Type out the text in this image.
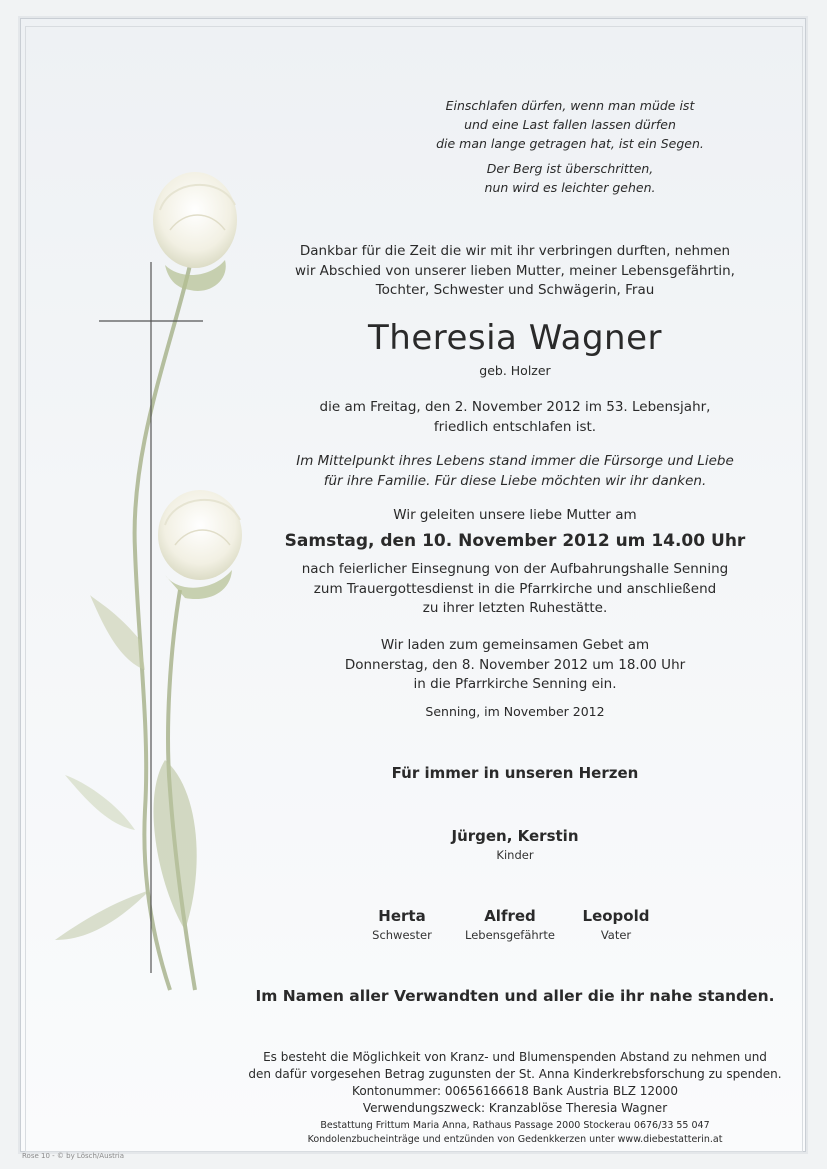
Einschlafen dürfen, wenn man müde ist
und eine Last fallen lassen dürfen
die man lange getragen hat, ist ein Segen.
Der Berg ist überschritten,
nun wird es leichter gehen.
Dankbar für die Zeit die wir mit ihr verbringen durften, nehmen
wir Abschied von unserer lieben Mutter, meiner Lebensgefährtin,
Tochter, Schwester und Schwägerin, Frau
Theresia Wagner
geb. Holzer
die am Freitag, den 2. November 2012 im 53. Lebensjahr,
friedlich entschlafen ist.
Im Mittelpunkt ihres Lebens stand immer die Fürsorge und Liebe
für ihre Familie. Für diese Liebe möchten wir ihr danken.
Wir geleiten unsere liebe Mutter am
Samstag, den 10. November 2012 um 14.00 Uhr
nach feierlicher Einsegnung von der Aufbahrungshalle Senning
zum Trauergottesdienst in die Pfarrkirche und anschließend
zu ihrer letzten Ruhestätte.
Wir laden zum gemeinsamen Gebet am
Donnerstag, den 8. November 2012 um 18.00 Uhr
in die Pfarrkirche Senning ein.
Senning, im November 2012
Für immer in unseren Herzen
Jürgen, Kerstin
Kinder
Herta
Schwester
Alfred
Lebensgefährte
Leopold
Vater
Im Namen aller Verwandten und aller die ihr nahe standen.
Es besteht die Möglichkeit von Kranz- und Blumenspenden Abstand zu nehmen und
den dafür vorgesehen Betrag zugunsten der St. Anna Kinderkrebsforschung zu spenden.
Kontonummer: 00656166618 Bank Austria BLZ 12000
Verwendungszweck: Kranzablöse Theresia Wagner
Bestattung Frittum Maria Anna, Rathaus Passage 2000 Stockerau 0676/33 55 047
Kondolenzbucheinträge und entzünden von Gedenkkerzen unter www.diebestatterin.at
Rose 10 - © by Lösch/Austria
